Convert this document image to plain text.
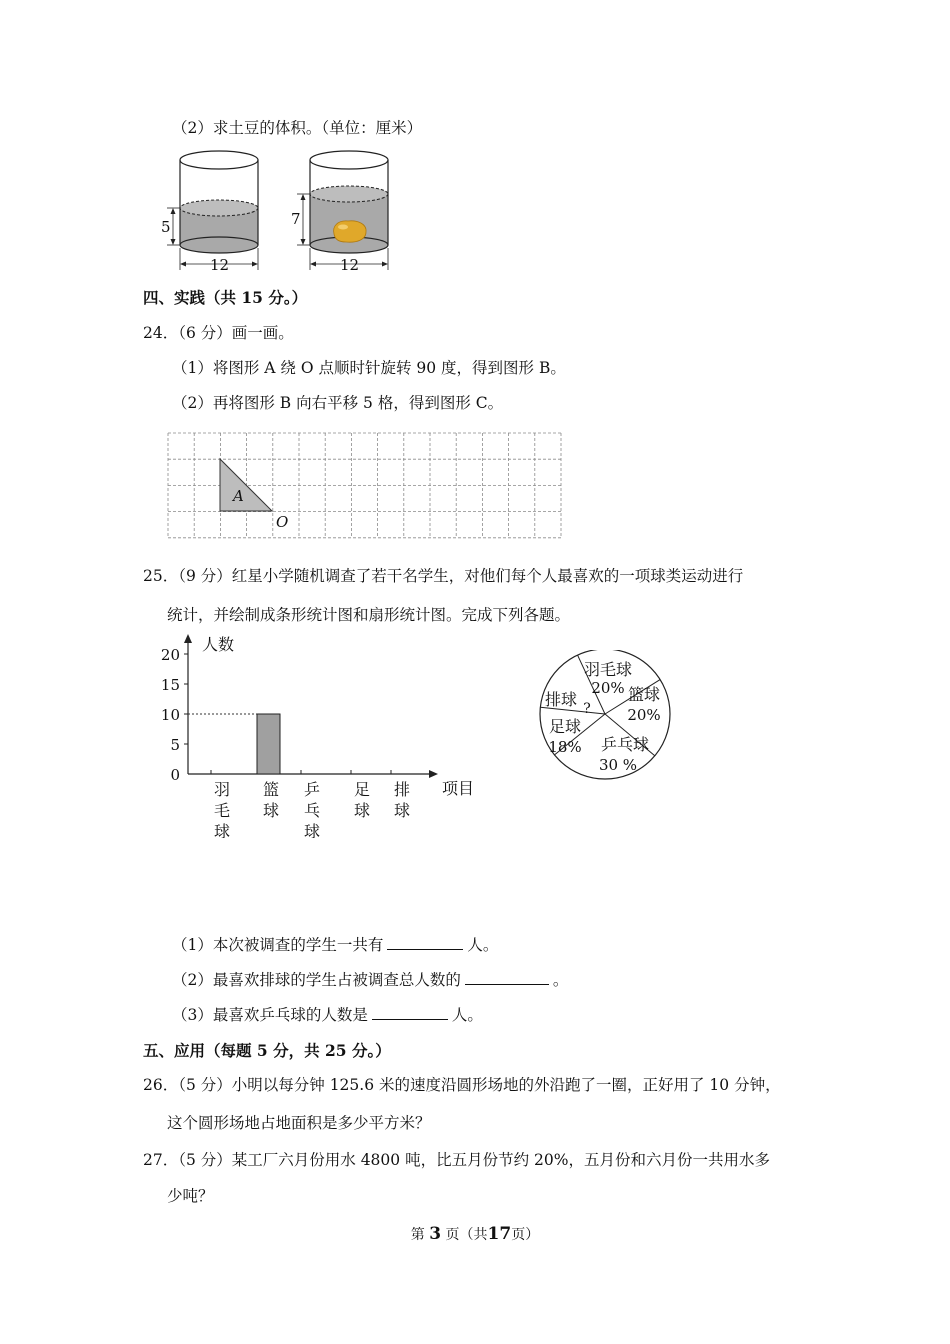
（2）求土豆的体积。（单位：厘米）
5
12
7
12
四、实践（共 15 分。）
24．（6 分）画一画。
（1）将图形 A 绕 O 点顺时针旋转 90 度，得到图形 B。
（2）再将图形 B 向右平移 5 格，得到图形 C。
A
O
25．（9 分）红星小学随机调查了若干名学生，对他们每个人最喜欢的一项球类运动进行
统计，并绘制成条形统计图和扇形统计图。完成下列各题。
人数
0
5
10
15
20
羽
毛
球
篮
球
乒
乓
球
足
球
排
球
项目
羽毛球
20% 篮球
20%
乒乓球
30 %
足球
18%
排球 ?
（1）本次被调查的学生一共有	人。
（2）最喜欢排球的学生占被调查总人数的	。
（3）最喜欢乒乓球的人数是	人。
五、应用（每题 5 分，共 25 分。）
26．（5 分）小明以每分钟 125.6 米的速度沿圆形场地的外沿跑了一圈，正好用了 10 分钟，
这个圆形场地占地面积是多少平方米？
27．（5 分）某工厂六月份用水 4800 吨，比五月份节约 20%，五月份和六月份一共用水多
少吨？
第 3 页（共17页）
